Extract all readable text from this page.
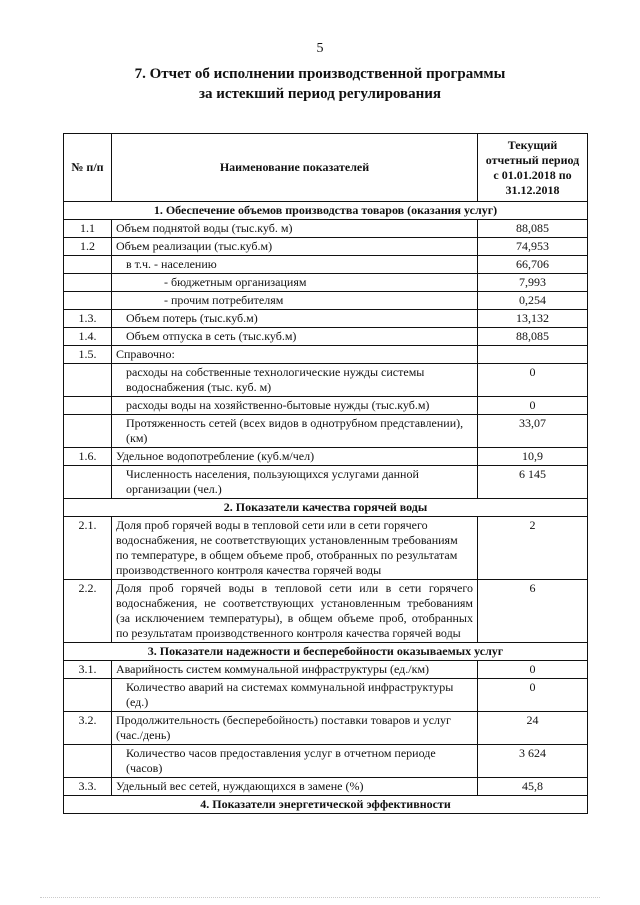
5
7. Отчет об исполнении производственной программы
за истекший период регулирования
№ п/п	Наименование показателей	Текущий
отчетный период
с 01.01.2018 по
31.12.2018

1. Обеспечение объемов производства товаров (оказания услуг)		
1.1	Объем поднятой воды (тыс.куб. м)	88,085
1.2	Объем реализации (тыс.куб.м)	74,953
	в т.ч. - населению	66,706
	- бюджетным организациям	7,993
	- прочим потребителям	0,254
1.3.	Объем потерь (тыс.куб.м)	13,132
1.4.	Объем отпуска в сеть (тыс.куб.м)	88,085
1.5.	Справочно:	
	расходы на собственные технологические нужды системы водоснабжения (тыс. куб. м)	0
	расходы воды на хозяйственно-бытовые нужды (тыс.куб.м)	0
	Протяженность сетей (всех видов в однотрубном представлении), (км)	33,07
1.6.	Удельное водопотребление (куб.м/чел)	10,9
	Численность населения, пользующихся услугами данной организации (чел.)	6 145
2. Показатели качества горячей воды		
2.1.	Доля проб горячей воды в тепловой сети или в сети горячего водоснабжения, не соответствующих установленным требованиям по температуре, в общем объеме проб, отобранных по результатам производственного контроля качества горячей воды	2
2.2.	Доля проб горячей воды в тепловой сети или в сети горячего водоснабжения, не соответствующих установленным требованиям (за исключением температуры), в общем объеме проб, отобранных по результатам производственного контроля качества горячей воды	6
3. Показатели надежности и бесперебойности оказываемых услуг		
3.1.	Аварийность систем коммунальной инфраструктуры (ед./км)	0
	Количество аварий на системах коммунальной инфраструктуры (ед.)	0
3.2.	Продолжительность (бесперебойность) поставки товаров и услуг (час./день)	24
	Количество часов предоставления услуг в отчетном периоде (часов)	3 624
3.3.	Удельный вес сетей, нуждающихся в замене (%)	45,8
4. Показатели энергетической эффективности		
